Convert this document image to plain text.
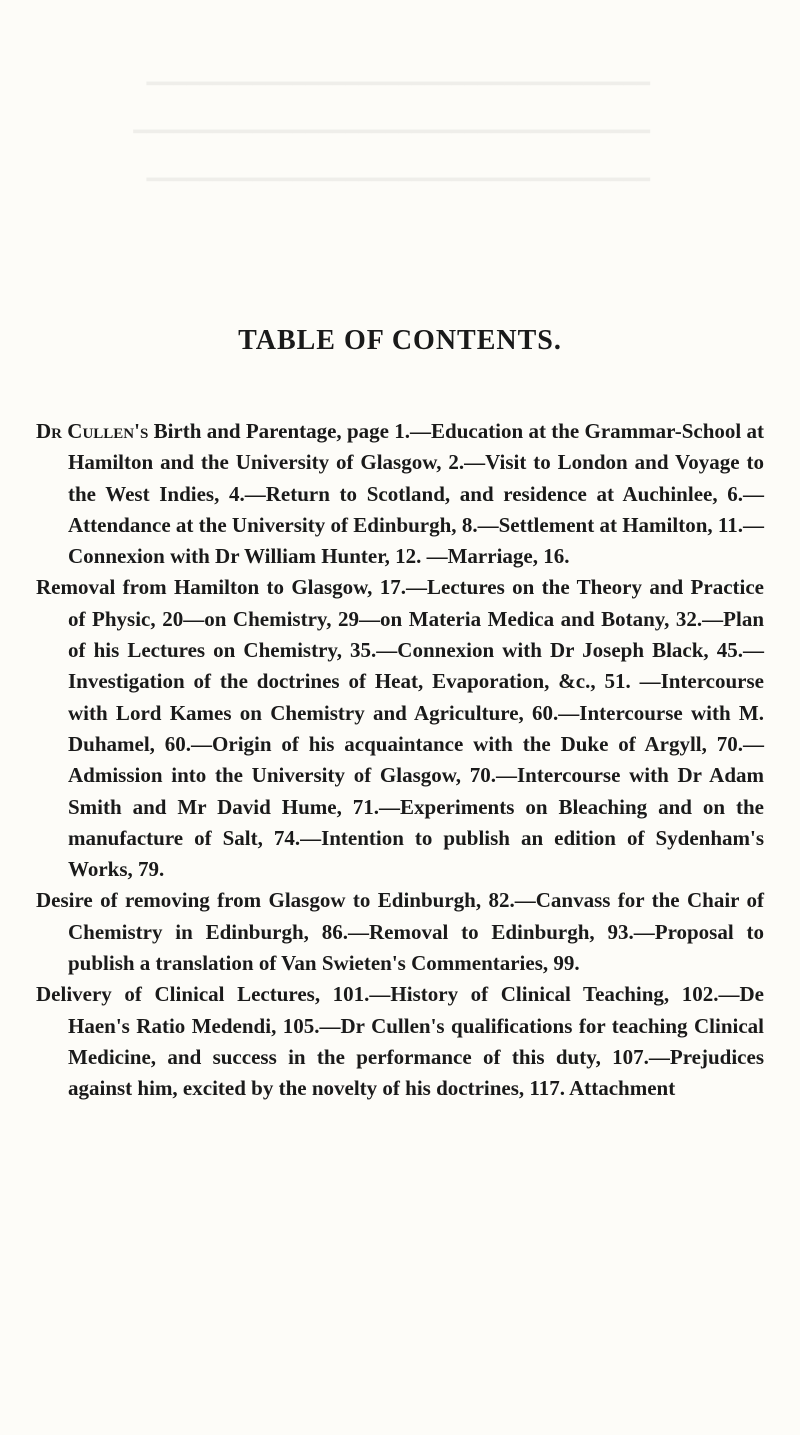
━━━━━━━━━━━━━━━━━━━━━━━━━━━━━━━━━━━━━━
━━━━━━━━━━━━━━━━━━━━━━━━━━━━━━━━━━━━━━━
━━━━━━━━━━━━━━━━━━━━━━━━━━━━━━━━━━━━━━
TABLE OF CONTENTS.

Dr Cullen's Birth and Parentage, page 1.—Education at the Grammar-School at Hamilton and the University of Glasgow, 2.—Visit to London and Voyage to the West Indies, 4.—Return to Scotland, and residence at Auchinlee, 6.—Attendance at the University of Edinburgh, 8.—Settlement at Hamilton, 11.—Connexion with Dr William Hunter, 12. —Marriage, 16.

Removal from Hamilton to Glasgow, 17.—Lectures on the Theory and Practice of Physic, 20—on Chemistry, 29—on Materia Medica and Botany, 32.—Plan of his Lectures on Chemistry, 35.—Connexion with Dr Joseph Black, 45.—Investigation of the doctrines of Heat, Evaporation, &c., 51. —Intercourse with Lord Kames on Chemistry and Agriculture, 60.—Intercourse with M. Duhamel, 60.—Origin of his acquaintance with the Duke of Argyll, 70.—Admission into the University of Glasgow, 70.—Intercourse with Dr Adam Smith and Mr David Hume, 71.—Experiments on Bleaching and on the manufacture of Salt, 74.—Intention to publish an edition of Sydenham's Works, 79.

Desire of removing from Glasgow to Edinburgh, 82.—Canvass for the Chair of Chemistry in Edinburgh, 86.—Removal to Edinburgh, 93.—Proposal to publish a translation of Van Swieten's Commentaries, 99.

Delivery of Clinical Lectures, 101.—History of Clinical Teaching, 102.—De Haen's Ratio Medendi, 105.—Dr Cullen's qualifications for teaching Clinical Medicine, and success in the performance of this duty, 107.—Prejudices against him, excited by the novelty of his doctrines, 117. Attachment
